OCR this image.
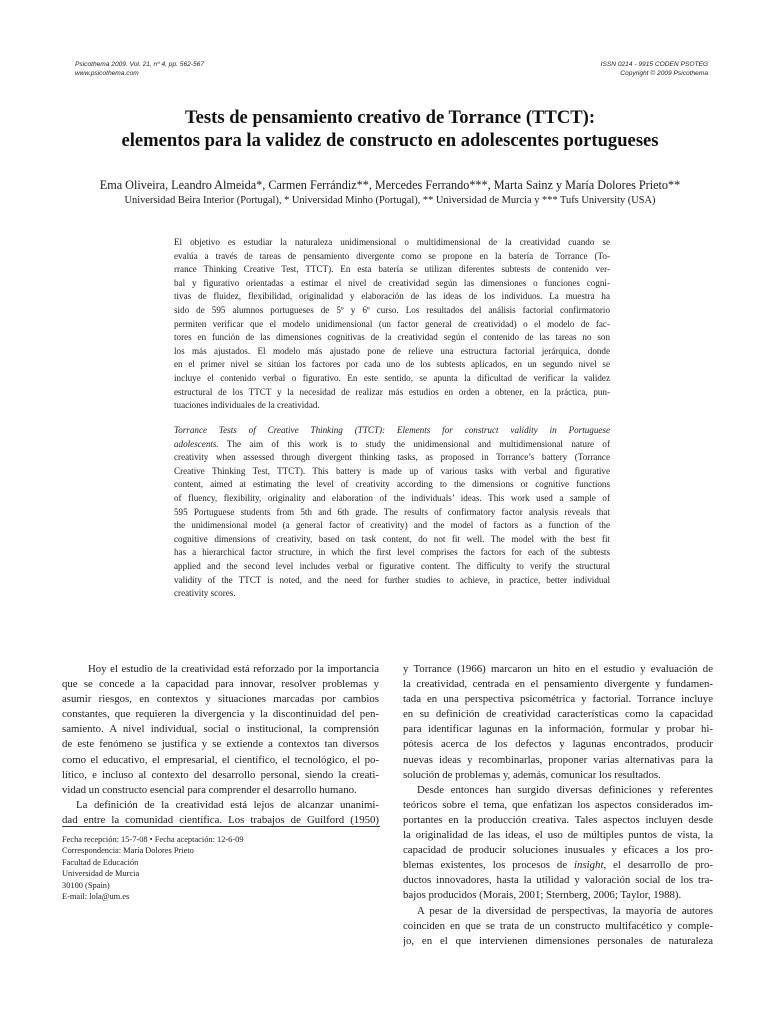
Psicothema 2009. Vol. 21, nº 4, pp. 562-567
www.psicothema.com
ISSN 0214 - 9915 CODEN PSOTEG
Copyright © 2009 Psicothema
Tests de pensamiento creativo de Torrance (TTCT):
elementos para la validez de constructo en adolescentes portugueses
Ema Oliveira, Leandro Almeida*, Carmen Ferrándiz**, Mercedes Ferrando***, Marta Sainz y María Dolores Prieto**
Universidad Beira Interior (Portugal), * Universidad Minho (Portugal), ** Universidad de Murcia y *** Tufs University (USA)
El objetivo es estudiar la naturaleza unidimensional o multidimensional de la creatividad cuando se
evalúa a través de tareas de pensamiento divergente como se propone en la batería de Torrance (To-
rrance Thinking Creative Test, TTCT). En esta batería se utilizan diferentes subtests de contenido ver-
bal y figurativo orientadas a estimar el nivel de creatividad según las dimensiones o funciones cogni-
tivas de fluidez, flexibilidad, originalidad y elaboración de las ideas de los individuos. La muestra ha
sido de 595 alumnos portugueses de 5º y 6º curso. Los resultados del análisis factorial confirmatorio
permiten verificar que el modelo unidimensional (un factor general de creatividad) o el modelo de fac-
tores en función de las dimensiones cognitivas de la creatividad según el contenido de las tareas no son
los más ajustados. El modelo más ajustado pone de relieve una estructura factorial jerárquica, donde
en el primer nivel se sitúan los factores por cada uno de los subtests aplicados, en un segundo nivel se
incluye el contenido verbal o figurativo. En este sentido, se apunta la dificultad de verificar la validez
estructural de los TTCT y la necesidad de realizar más estudios en orden a obtener, en la práctica, pun-
tuaciones individuales de la creatividad.
Torrance Tests of Creative Thinking (TTCT): Elements for construct validity in Portuguese
adolescents. The aim of this work is to study the unidimensional and multidimensional nature of
creativity when assessed through divergent thinking tasks, as proposed in Torrance’s battery (Torrance
Creative Thinking Test, TTCT). This battery is made up of various tasks with verbal and figurative
content, aimed at estimating the level of creativity according to the dimensions or cognitive functions
of fluency, flexibility, originality and elaboration of the individuals’ ideas. This work used a sample of
595 Portuguese students from 5th and 6th grade. The results of confirmatory factor analysis reveals that
the unidimensional model (a general factor of creativity) and the model of factors as a function of the
cognitive dimensions of creativity, based on task content, do not fit well. The model with the best fit
has a hierarchical factor structure, in which the first level comprises the factors for each of the subtests
applied and the second level includes verbal or figurative content. The difficulty to verify the structural
validity of the TTCT is noted, and the need for further studies to achieve, in practice, better individual
creativity scores.
Hoy el estudio de la creatividad está reforzado por la importancia
que se concede a la capacidad para innovar, resolver problemas y
asumir riesgos, en contextos y situaciones marcadas por cambios
constantes, que requieren la divergencia y la discontinuidad del pen-
samiento. A nivel individual, social o institucional, la comprensión
de este fenómeno se justifica y se extiende a contextos tan diversos
como el educativo, el empresarial, el científico, el tecnológico, el po-
lítico, e incluso al contexto del desarrollo personal, siendo la creati-
vidad un constructo esencial para comprender el desarrollo humano.
La definición de la creatividad está lejos de alcanzar unanimi-
dad entre la comunidad científica. Los trabajos de Guilford (1950)
Fecha recepción: 15-7-08 • Fecha aceptación: 12-6-09
Correspondencia: María Dolores Prieto
Facultad de Educación
Universidad de Murcia
30100 (Spain)
E-mail: lola@um.es
y Torrance (1966) marcaron un hito en el estudio y evaluación de
la creatividad, centrada en el pensamiento divergente y fundamen-
tada en una perspectiva psicométrica y factorial. Torrance incluye
en su definición de creatividad características como la capacidad
para identificar lagunas en la información, formular y probar hi-
pótesis acerca de los defectos y lagunas encontrados, producir
nuevas ideas y recombinarlas, proponer varias alternativas para la
solución de problemas y, además, comunicar los resultados.
Desde entonces han surgido diversas definiciones y referentes
teóricos sobre el tema, que enfatizan los aspectos considerados im-
portantes en la producción creativa. Tales aspectos incluyen desde
la originalidad de las ideas, el uso de múltiples puntos de vista, la
capacidad de producir soluciones inusuales y eficaces a los pro-
blemas existentes, los procesos de insight, el desarrollo de pro-
ductos innovadores, hasta la utilidad y valoración social de los tra-
bajos producidos (Morais, 2001; Sternberg, 2006; Taylor, 1988).
A pesar de la diversidad de perspectivas, la mayoría de autores
coinciden en que se trata de un constructo multifacético y comple-
jo, en el que intervienen dimensiones personales de naturaleza
